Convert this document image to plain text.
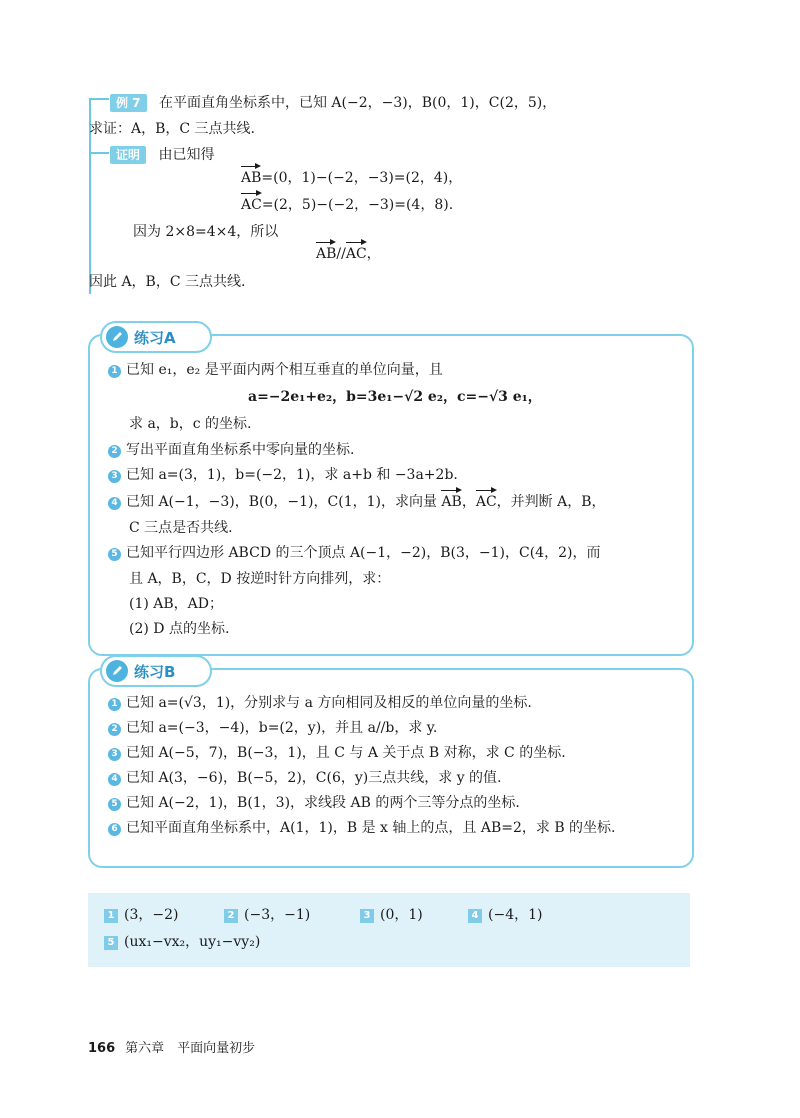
例 7 在平面直角坐标系中，已知 A(−2，−3)，B(0，1)，C(2，5)，
求证：A，B，C 三点共线.
证明 由已知得
AB=(0，1)−(−2，−3)=(2，4)，
AC=(2，5)−(−2，−3)=(4，8).
因为 2×8=4×4，所以
AB//AC，
因此 A，B，C 三点共线.
练习A
1 已知 e₁，e₂ 是平面内两个相互垂直的单位向量，且
a=−2e₁+e₂，b=3e₁−√2 e₂，c=−√3 e₁，
求 a，b，c 的坐标.
2 写出平面直角坐标系中零向量的坐标.
3 已知 a=(3，1)，b=(−2，1)，求 a+b 和 −3a+2b.
4 已知 A(−1，−3)，B(0，−1)，C(1，1)，求向量 AB，AC，并判断 A，B，
C 三点是否共线.
5 已知平行四边形 ABCD 的三个顶点 A(−1，−2)，B(3，−1)，C(4，2)，而
且 A，B，C，D 按逆时针方向排列，求：
(1) AB，AD；
(2) D 点的坐标.
练习B
1 已知 a=(√3，1)，分别求与 a 方向相同及相反的单位向量的坐标.
2 已知 a=(−3，−4)，b=(2，y)，并且 a//b，求 y.
3 已知 A(−5，7)，B(−3，1)，且 C 与 A 关于点 B 对称，求 C 的坐标.
4 已知 A(3，−6)，B(−5，2)，C(6，y)三点共线，求 y 的值.
5 已知 A(−2，1)，B(1，3)，求线段 AB 的两个三等分点的坐标.
6 已知平面直角坐标系中，A(1，1)，B 是 x 轴上的点，且 AB=2，求 B 的坐标.
1 (3，−2)	2 (−3，−1)	3 (0，1)	4 (−4，1)
5 (ux₁−vx₂，uy₁−vy₂)
166 第六章　平面向量初步
